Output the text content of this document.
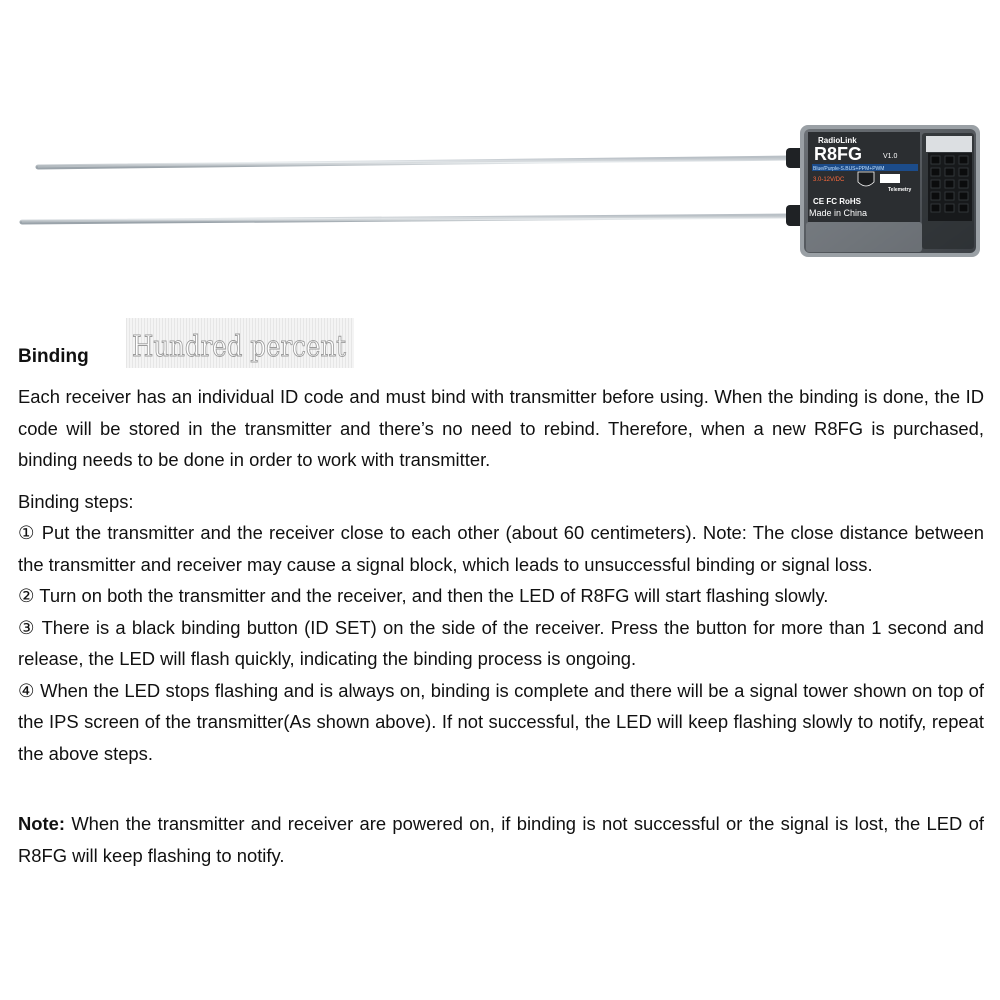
RadioLink
R8FG	V1.0
Blue/Purple-S.BUS+PPM+PWM
3.0-12V/DC
Telemetry
CE FC RoHS
Made in China
Binding Hundred percent

Each receiver has an individual ID code and must bind with transmitter before using. When the binding is done, the ID code will be stored in the transmitter and there’s no need to rebind. Therefore, when a new R8FG is purchased, binding needs to be done in order to work with transmitter.

Binding steps:

① Put the transmitter and the receiver close to each other (about 60 centimeters). Note: The close distance between the transmitter and receiver may cause a signal block, which leads to unsuccessful binding or signal loss.

② Turn on both the transmitter and the receiver, and then the LED of R8FG will start flashing slowly.

③ There is a black binding button (ID SET) on the side of the receiver. Press the button for more than 1 second and release, the LED will flash quickly, indicating the binding process is ongoing.

④ When the LED stops flashing and is always on, binding is complete and there will be a signal tower shown on top of the IPS screen of the transmitter(As shown above). If not successful, the LED will keep flashing slowly to notify, repeat the above steps.

Note: When the transmitter and receiver are powered on, if binding is not successful or the signal is lost, the LED of R8FG will keep flashing to notify.
